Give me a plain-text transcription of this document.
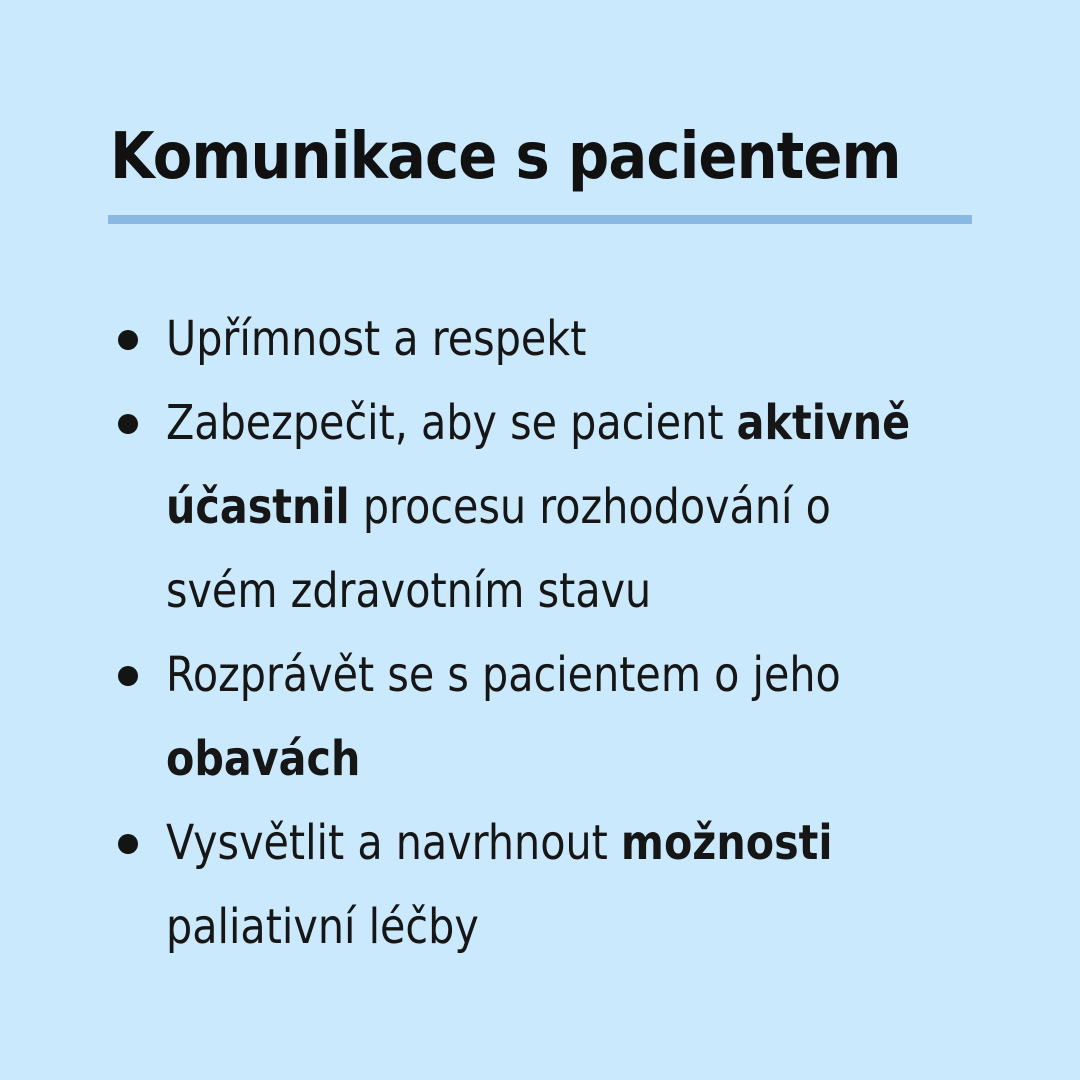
Komunikace s pacientem
Upřímnost a respekt
Zabezpečit, aby se pacient aktivně
účastnil procesu rozhodování o
svém zdravotním stavu
Rozprávět se s pacientem o jeho
obavách
Vysvětlit a navrhnout možnosti
paliativní léčby
